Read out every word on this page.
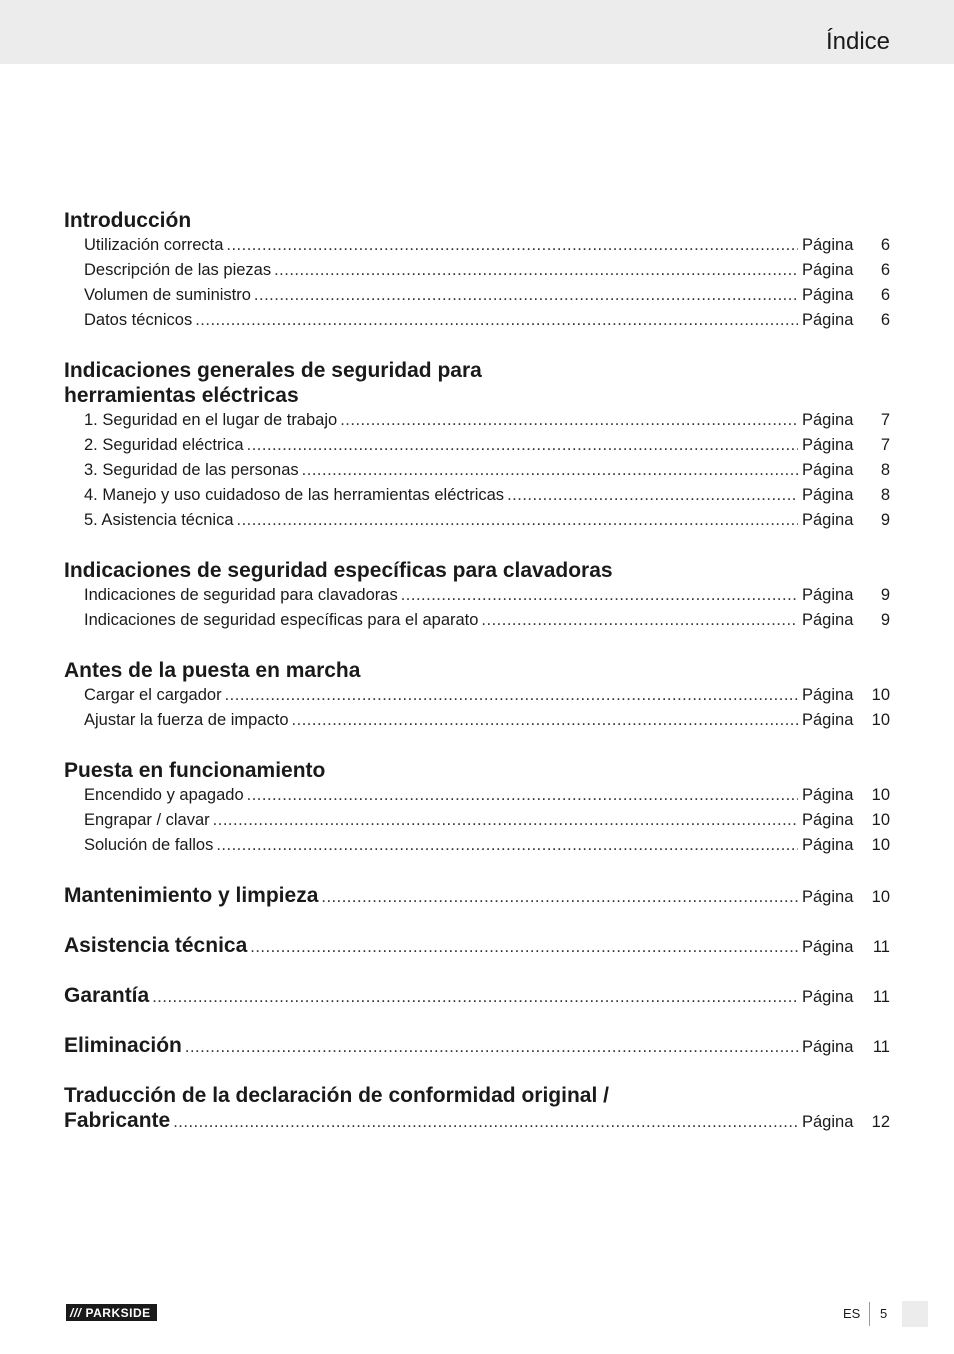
Índice
Introducción
Utilización correcta .....	Página	6
Descripción de las piezas .....	Página	6
Volumen de suministro .....	Página	6
Datos técnicos .....	Página	6
Indicaciones generales de seguridad para
herramientas eléctricas
1. Seguridad en el lugar de trabajo .....	Página	7
2. Seguridad eléctrica .....	Página	7
3. Seguridad de las personas .....	Página	8
4. Manejo y uso cuidadoso de las herramientas eléctricas .....	Página	8
5. Asistencia técnica .....	Página	9
Indicaciones de seguridad específicas para clavadoras
Indicaciones de seguridad para clavadoras .....	Página	9
Indicaciones de seguridad específicas para el aparato .....	Página	9
Antes de la puesta en marcha
Cargar el cargador .....	Página	10
Ajustar la fuerza de impacto .....	Página	10
Puesta en funcionamiento
Encendido y apagado .....	Página	10
Engrapar / clavar .....	Página	10
Solución de fallos .....	Página	10
Mantenimiento y limpieza .....	Página	10
Asistencia técnica .....	Página	11
Garantía .....	Página	11
Eliminación .....	Página	11
Traducción de la declaración de conformidad original /
Fabricante .....	Página	12
/// PARKSIDE	ES 5
